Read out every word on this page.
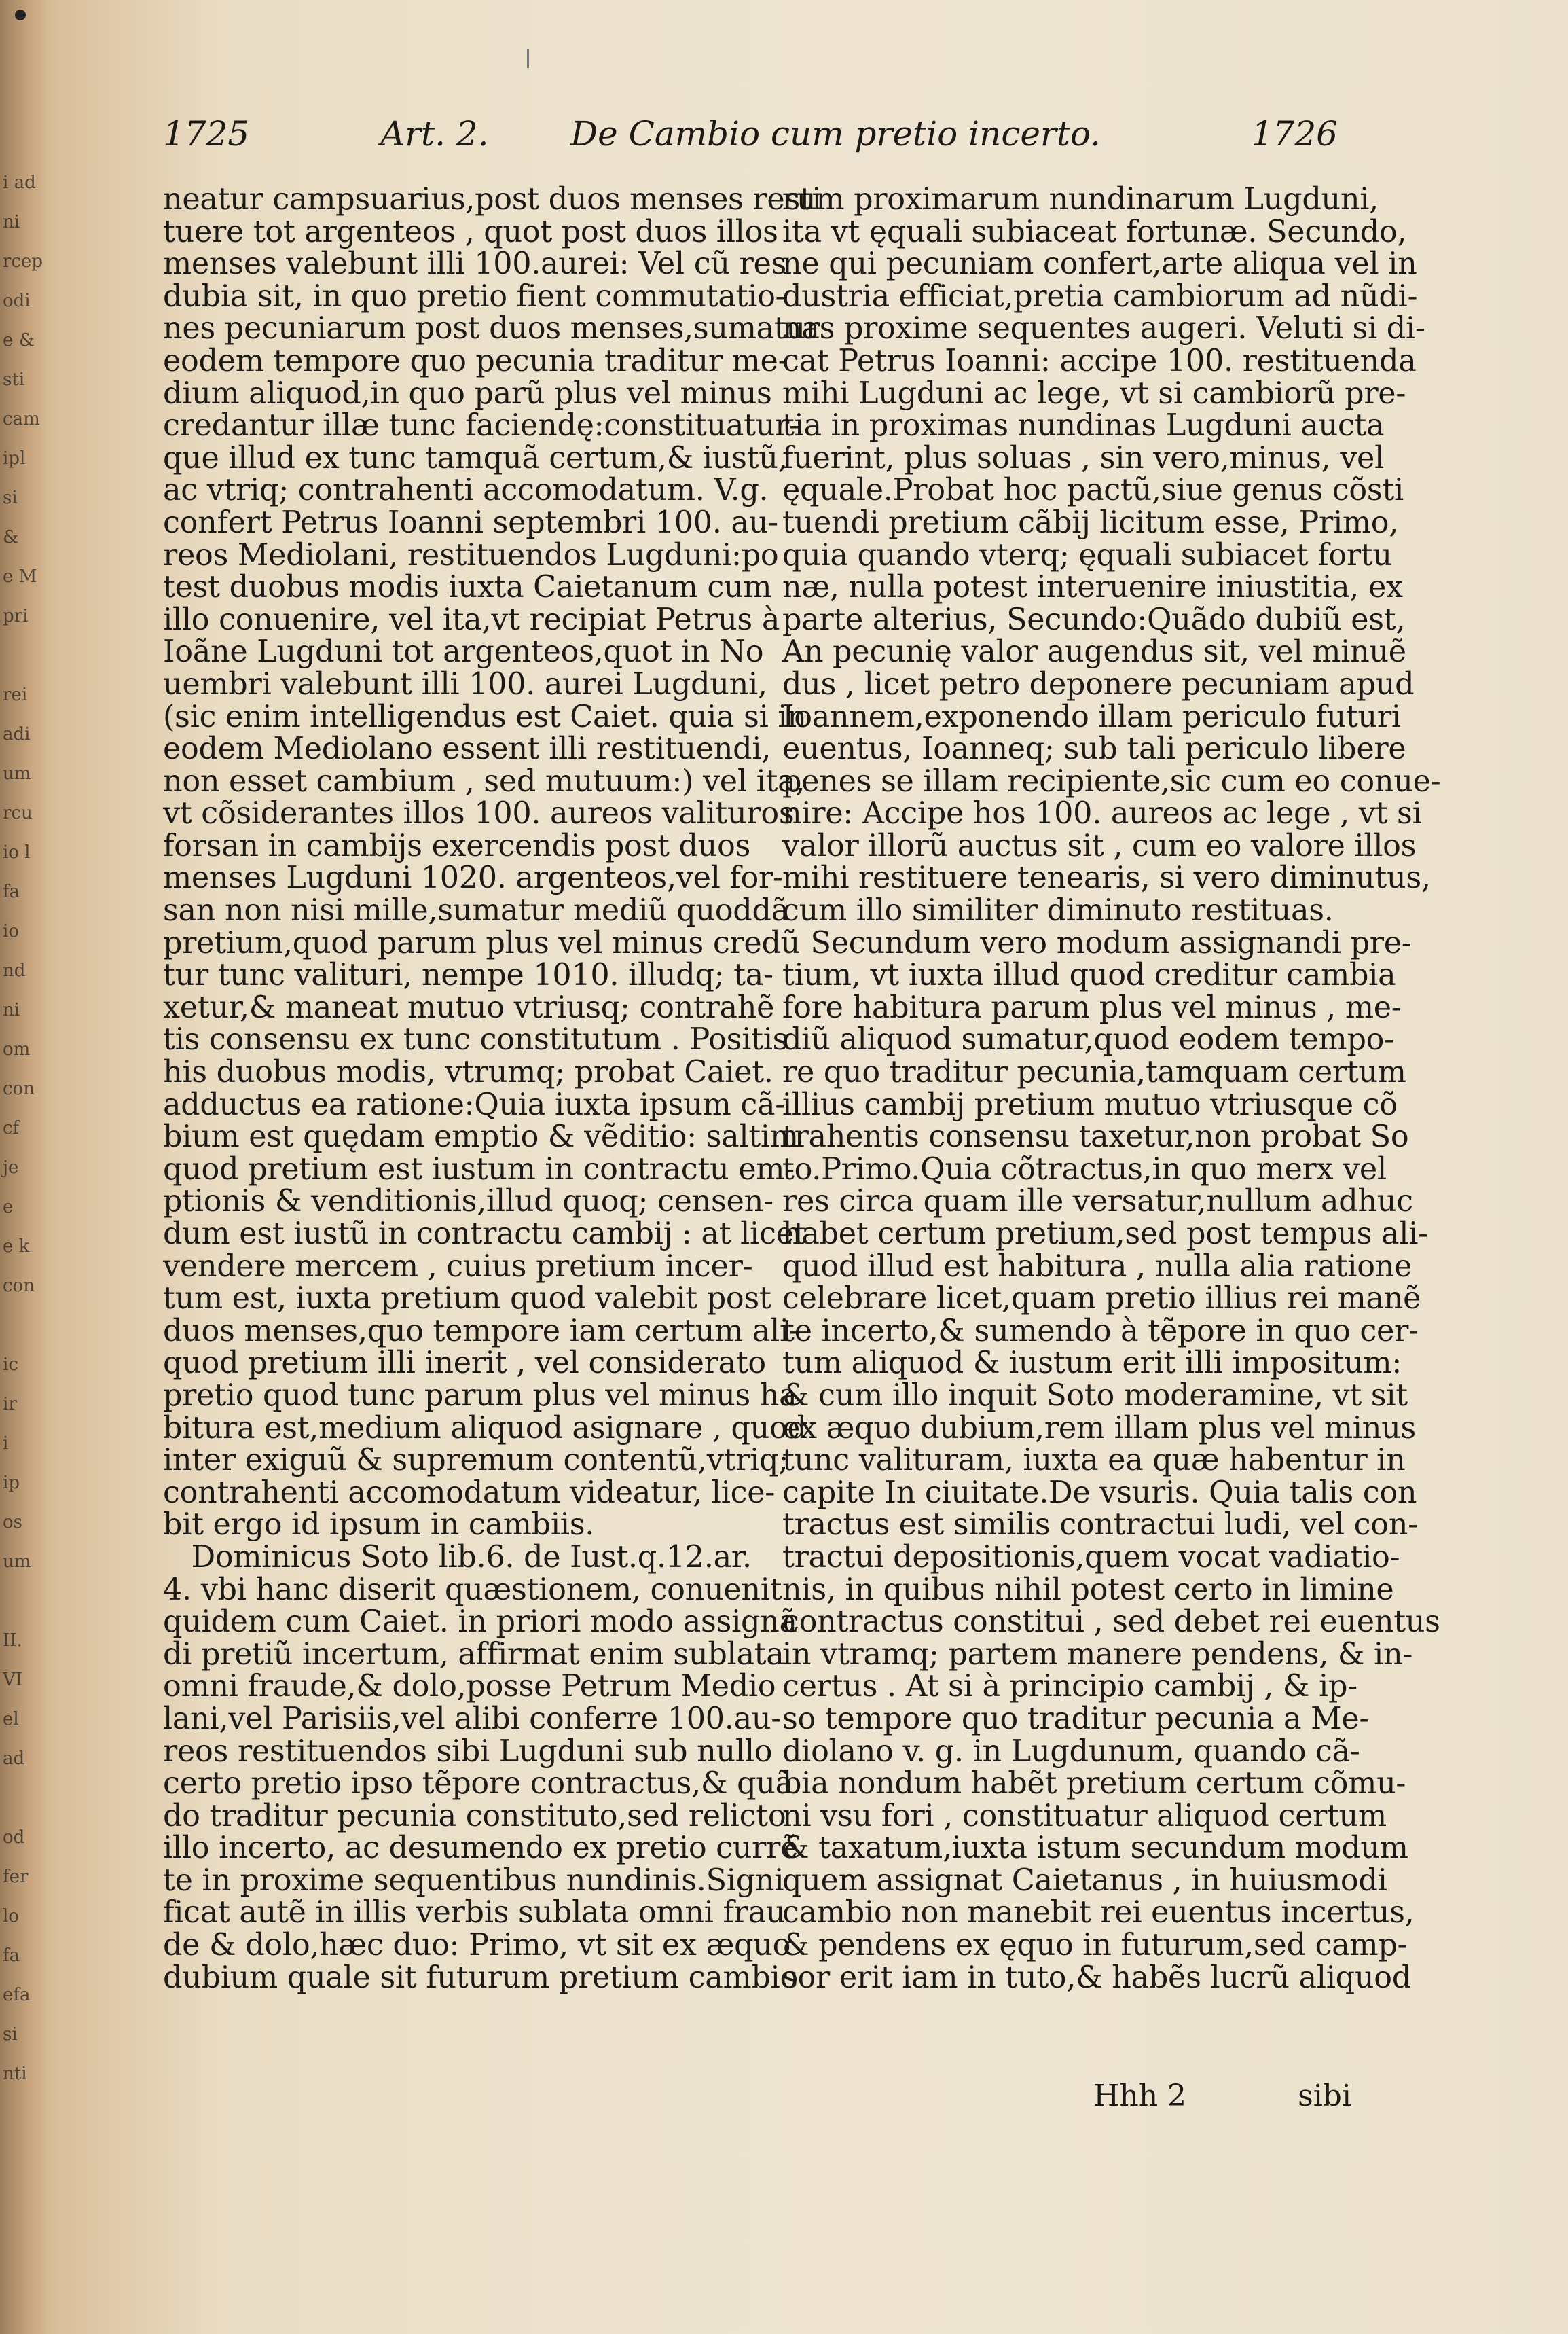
i ad
ni
rcep
odi
e &
sti
cam
ipl
si
&
e M
pri

rei
adi
um
rcu
io l
fa
io
nd
ni
om
con
cf
je
e
e k
con

ic
ir
i
ip
os
um

II.
VI
el
ad

od
fer
lo
fa
efa
si
nti
1725	Art. 2. De Cambio cum pretio incerto.	1726
neatur campsuarius,post duos menses resti
tuere tot argenteos , quot post duos illos
menses valebunt illi 100.aurei: Vel cũ res
dubia sit, in quo pretio fient commutatio-
nes pecuniarum post duos menses,sumatur
eodem tempore quo pecunia traditur me-
dium aliquod,in quo parũ plus vel minus
credantur illæ tunc faciendę:constituatur-
que illud ex tunc tamquã certum,& iustũ,
ac vtriq; contrahenti accomodatum. V.g.
confert Petrus Ioanni septembri 100. au-
reos Mediolani, restituendos Lugduni:po
test duobus modis iuxta Caietanum cum
illo conuenire, vel ita,vt recipiat Petrus à
Ioãne Lugduni tot argenteos,quot in No
uembri valebunt illi 100. aurei Lugduni,
(sic enim intelligendus est Caiet. quia si in
eodem Mediolano essent illi restituendi,
non esset cambium , sed mutuum:) vel ita,
vt cõsiderantes illos 100. aureos valituros
forsan in cambijs exercendis post duos
menses Lugduni 1020. argenteos,vel for-
san non nisi mille,sumatur mediũ quoddã
pretium,quod parum plus vel minus credũ
tur tunc valituri, nempe 1010. illudq; ta-
xetur,& maneat mutuo vtriusq; contrahẽ
tis consensu ex tunc constitutum . Positis
his duobus modis, vtrumq; probat Caiet.
adductus ea ratione:Quia iuxta ipsum cã-
bium est quędam emptio & vẽditio: saltim
quod pretium est iustum in contractu em-
ptionis & venditionis,illud quoq; censen-
dum est iustũ in contractu cambij : at licet
vendere mercem , cuius pretium incer-
tum est, iuxta pretium quod valebit post
duos menses,quo tempore iam certum ali-
quod pretium illi inerit , vel considerato
pretio quod tunc parum plus vel minus ha
bitura est,medium aliquod asignare , quod
inter exiguũ & supremum contentũ,vtriq;
contrahenti accomodatum videatur, lice-
bit ergo id ipsum in cambiis.
Dominicus Soto lib.6. de Iust.q.12.ar.
4. vbi hanc diserit quæstionem, conuenit
quidem cum Caiet. in priori modo assignã
di pretiũ incertum, affirmat enim sublata
omni fraude,& dolo,posse Petrum Medio
lani,vel Parisiis,vel alibi conferre 100.au-
reos restituendos sibi Lugduni sub nullo
certo pretio ipso tẽpore contractus,& quã
do traditur pecunia constituto,sed relicto
illo incerto, ac desumendo ex pretio currẽ
te in proxime sequentibus nundinis.Signi
ficat autẽ in illis verbis sublata omni frau
de & dolo,hæc duo: Primo, vt sit ex æquo
dubium quale sit futurum pretium cambio
rum proximarum nundinarum Lugduni,
ita vt ęquali subiaceat fortunæ. Secundo,
ne qui pecuniam confert,arte aliqua vel in
dustria efficiat,pretia cambiorum ad nũdi-
nas proxime sequentes augeri. Veluti si di-
cat Petrus Ioanni: accipe 100. restituenda
mihi Lugduni ac lege, vt si cambiorũ pre-
tia in proximas nundinas Lugduni aucta
fuerint, plus soluas , sin vero,minus, vel
ęquale.Probat hoc pactũ,siue genus cõsti
tuendi pretium cãbij licitum esse, Primo,
quia quando vterq; ęquali subiacet fortu
næ, nulla potest interuenire iniustitia, ex
parte alterius, Secundo:Quãdo dubiũ est,
An pecunię valor augendus sit, vel minuẽ
dus , licet petro deponere pecuniam apud
Ioannem,exponendo illam periculo futuri
euentus, Ioanneq; sub tali periculo libere
penes se illam recipiente,sic cum eo conue-
nire: Accipe hos 100. aureos ac lege , vt si
valor illorũ auctus sit , cum eo valore illos
mihi restituere tenearis, si vero diminutus,
cum illo similiter diminuto restituas.
Secundum vero modum assignandi pre-
tium, vt iuxta illud quod creditur cambia
fore habitura parum plus vel minus , me-
diũ aliquod sumatur,quod eodem tempo-
re quo traditur pecunia,tamquam certum
illius cambij pretium mutuo vtriusque cõ
trahentis consensu taxetur,non probat So
to.Primo.Quia cõtractus,in quo merx vel
res circa quam ille versatur,nullum adhuc
habet certum pretium,sed post tempus ali-
quod illud est habitura , nulla alia ratione
celebrare licet,quam pretio illius rei manẽ
te incerto,& sumendo à tẽpore in quo cer-
tum aliquod & iustum erit illi impositum:
& cum illo inquit Soto moderamine, vt sit
ex æquo dubium,rem illam plus vel minus
tunc valituram, iuxta ea quæ habentur in
capite In ciuitate.De vsuris. Quia talis con
tractus est similis contractui ludi, vel con-
tractui depositionis,quem vocat vadiatio-
nis, in quibus nihil potest certo in limine
contractus constitui , sed debet rei euentus
in vtramq; partem manere pendens, & in-
certus . At si à principio cambij , & ip-
so tempore quo traditur pecunia a Me-
diolano v. g. in Lugdunum, quando cã-
bia nondum habẽt pretium certum cõmu-
ni vsu fori , constituatur aliquod certum
& taxatum,iuxta istum secundum modum
quem assignat Caietanus , in huiusmodi
cambio non manebit rei euentus incertus,
& pendens ex ęquo in futurum,sed camp-
sor erit iam in tuto,& habẽs lucrũ aliquod
Hhh 2	sibi
